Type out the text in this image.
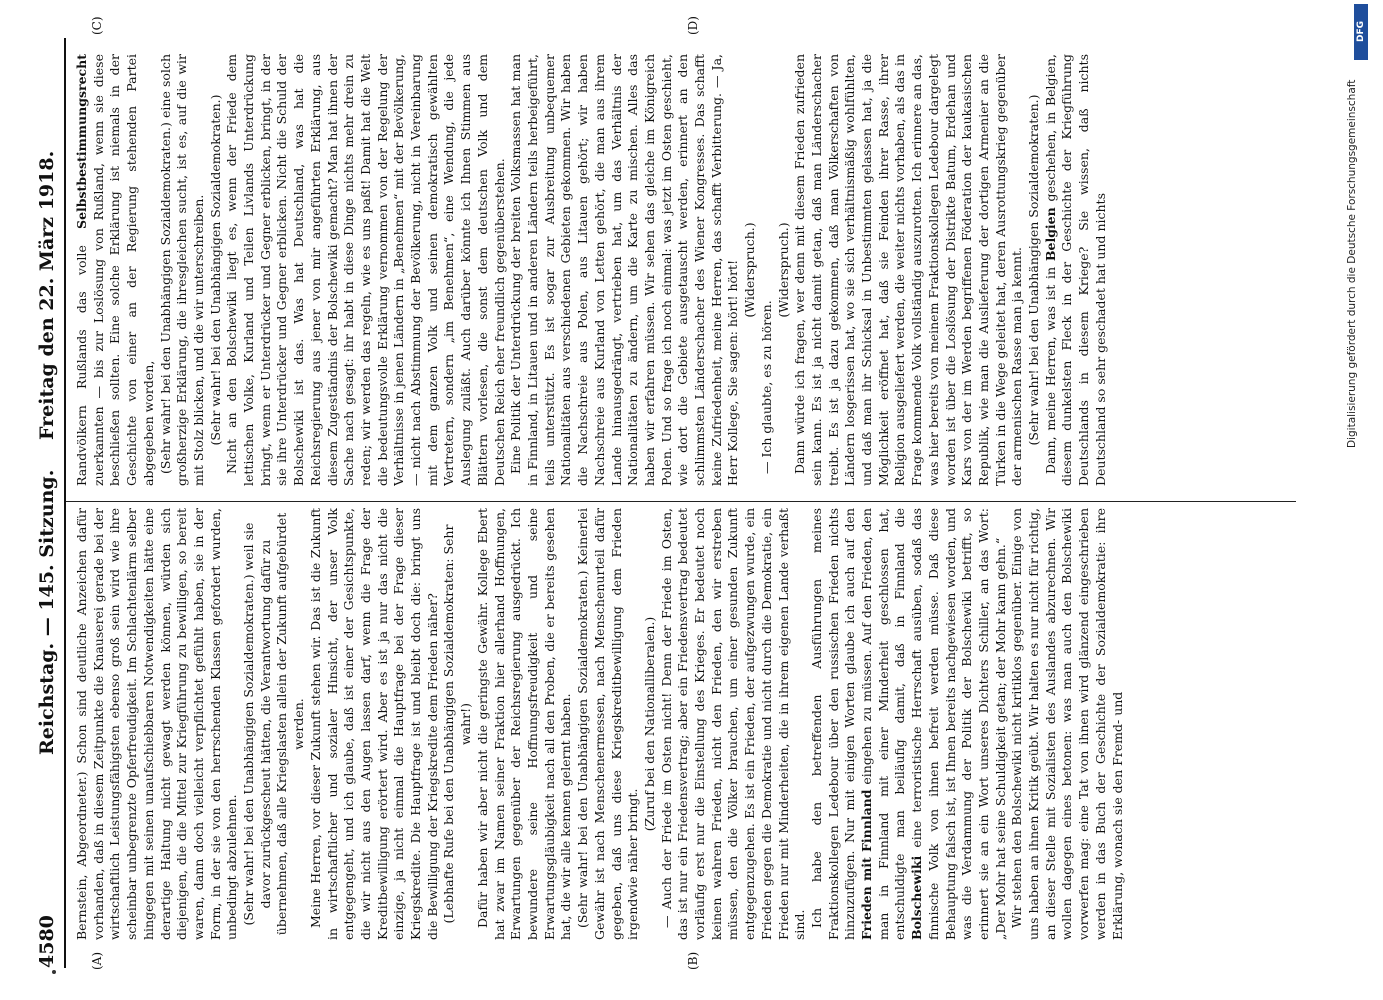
4580
Reichstag. — 145. Sitzung.
Freitag den 22. März 1918.
(A)	(B)
(C)	(D)

Bernstein, Abgeordneter.) Schon sind deutliche Anzeichen dafür vorhanden, daß in diesem Zeitpunkte die Knauserei gerade bei der wirtschaftlich Leistungsfähigsten ebenso groß sein wird wie ihre scheinbar unbegrenzte Opferfreudigkeit. Im Schlachtenlärm selber hingegen mit seinen unaufschiebbaren Notwendigkeiten hätte eine derartige Haltung nicht gewagt werden können, würden sich diejenigen, die die Mittel zur Kriegführung zu bewilligen, so bereit waren, dann doch vielleicht verpflichtet gefühlt haben, sie in der Form, in der sie von den herrschenden Klassen gefordert wurden, unbedingt abzulehnen. (Sehr wahr! bei den Unabhängigen Sozialdemokraten.) weil sie davor zurückgescheut hätten, die Verantwortung dafür zu übernehmen, daß alle Kriegslasten allein der Zukunft aufgebürdet werden. Meine Herren, vor dieser Zukunft stehen wir. Das ist die Zukunft in wirtschaftlicher und sozialer Hinsicht, der unser Volk entgegengeht, und ich glaube, daß ist einer der Gesichtspunkte, die wir nicht aus den Augen lassen darf, wenn die Frage der Kreditbewilligung erörtert wird. Aber es ist ja nur das nicht die einzige, ja nicht einmal die Hauptfrage bei der Frage dieser Kriegskredite. Die Hauptfrage ist und bleibt doch die: bringt uns die Bewilligung der Kriegskredite dem Frieden näher? (Lebhafte Rufe bei den Unabhängigen Sozialdemokraten: Sehr wahr!) Dafür haben wir aber nicht die geringste Gewähr. Kollege Ebert hat zwar im Namen seiner Fraktion hier allerhand Hoffnungen, Erwartungen gegenüber der Reichsregierung ausgedrückt. Ich bewundere seine Hoffnungsfreudigkeit und seine Erwartungsgläubigkeit nach all den Proben, die er bereits gesehen hat, die wir alle kennen gelernt haben. (Sehr wahr! bei den Unabhängigen Sozialdemokraten.) Keinerlei Gewähr ist nach Menschenermessen, nach Menschenurteil dafür gegeben, daß uns diese Kriegskreditbewilligung dem Frieden irgendwie näher bringt.

(Zuruf bei den Nationalliberalen.) — Auch der Friede im Osten nicht! Denn der Friede im Osten, das ist nur ein Friedensvertrag; aber ein Friedensvertrag bedeutet vorläufig erst nur die Einstellung des Krieges. Er bedeutet noch keinen wahren Frieden, nicht den Frieden, den wir erstreben müssen, den die Völker brauchen, um einer gesunden Zukunft entgegenzugehen. Es ist ein Frieden, der aufgezwungen wurde, ein Frieden gegen die Demokratie und nicht durch die Demokratie, ein Frieden nur mit Minderheiten, die in ihrem eigenen Lande verhaßt sind. Ich habe den betreffenden Ausführungen meines Fraktionskollegen Ledebour über den russischen Frieden nichts hinzuzufügen. Nur mit einigen Worten glaube ich auch auf den Frieden mit Finnland eingehen zu müssen. Auf den Frieden, den man in Finnland mit einer Minderheit geschlossen hat, entschuldigte man beiläufig damit, daß in Finnland die Bolschewiki eine terroristische Herrschaft ausüben, sodaß das finnische Volk von ihnen befreit werden müsse. Daß diese Behauptung falsch ist, ist Ihnen bereits nachgewiesen worden, und was die Verdammung der Politik der Bolschewiki betrifft, so erinnert sie an ein Wort unseres Dichters Schiller, an das Wort: „Der Mohr hat seine Schuldigkeit getan; der Mohr kann gehn.“ Wir stehen den Bolschewiki nicht kritiklos gegenüber. Einige von uns haben an ihnen Kritik geübt. Wir halten es nur nicht für richtig, an dieser Stelle mit Sozialisten des Auslandes abzurechnen. Wir wollen dagegen eines betonen: was man auch den Bolschewiki vorwerfen mag: eine Tat von ihnen wird glänzend eingeschrieben werden in das Buch der Geschichte der Sozialdemokratie: ihre Erklärung, wonach sie den Fremd- und

Randvölkern Rußlands das volle Selbstbestimmungsrecht zuerkannten — bis zur Loslösung von Rußland, wenn sie diese beschließen sollten. Eine solche Erklärung ist niemals in der Geschichte von einer an der Regierung stehenden Partei abgegeben worden, (Sehr wahr! bei den Unabhängigen Sozialdemokraten.) eine solch großherzige Erklärung, die ihresgleichen sucht, ist es, auf die wir mit Stolz blicken, und die wir unterschreiben. (Sehr wahr! bei den Unabhängigen Sozialdemokraten.) Nicht an den Bolschewiki liegt es, wenn der Friede dem lettischen Volke, Kurland und Teilen Livlands Unterdrückung bringt, wenn er Unterdrücker und Gegner erblicken, bringt, in der sie ihre Unterdrücker und Gegner erblicken. Nicht die Schuld der Bolschewiki ist das. Was hat Deutschland, was hat die Reichsregierung aus jener von mir angeführten Erklärung, aus diesem Zugeständnis der Bolschewiki gemacht? Man hat ihnen der Sache nach gesagt: ihr habt in diese Dinge nichts mehr drein zu reden; wir werden das regeln, wie es uns paßt! Damit hat die Welt die bedeutungsvolle Erklärung vernommen von der Regelung der Verhältnisse in jenen Ländern in „Benehmen“ mit der Bevölkerung, — nicht nach Abstimmung der Bevölkerung, nicht in Vereinbarung mit dem ganzen Volk und seinen demokratisch gewählten Vertretern, sondern „im Benehmen“, eine Wendung, die jede Auslegung zuläßt. Auch darüber könnte ich Ihnen Stimmen aus Blättern vorlesen, die sonst dem deutschen Volk und dem Deutschen Reich eher freundlich gegenüberstehen. Eine Politik der Unterdrückung der breiten Volksmassen hat man in Finnland, in Litauen und in anderen Ländern teils herbeigeführt, teils unterstützt. Es ist sogar zur Ausbreitung unbequemer Nationalitäten aus verschiedenen Gebieten gekommen. Wir haben die Nachschreie aus Polen, aus Litauen gehört; wir haben Nachschreie aus Kurland von Letten gehört, die man aus ihrem Lande hinausgedrängt, vertrieben hat, um das Verhältnis der Nationalitäten zu ändern, um die Karte zu mischen. Alles das haben wir erfahren müssen. Wir sehen das gleiche im Königreich Polen. Und so frage ich noch einmal: was jetzt im Osten geschieht, wie dort die Gebiete ausgetauscht werden, erinnert an den schlimmsten Länderschacher des Wiener Kongresses. Das schafft keine Zufriedenheit, meine Herren, das schafft Verbitterung. — Ja, Herr Kollege, Sie sagen: hört! hört! (Widerspruch.)

— Ich glaubte, es zu hören.

(Widerspruch.) Dann würde ich fragen, wer denn mit diesem Frieden zufrieden sein kann. Es ist ja nicht damit getan, daß man Länderschacher treibt. Es ist ja dazu gekommen, daß man Völkerschaften von Ländern losgerissen hat, wo sie sich verhältnismäßig wohlfühlten, und daß man ihr Schicksal in Unbestimmten gelassen hat, ja die Möglichkeit eröffnet hat, daß sie Feinden ihrer Rasse, ihrer Religion ausgeliefert werden, die weiter nichts vorhaben, als das in Frage kommende Volk vollständig auszurotten. Ich erinnere an das, was hier bereits von meinem Fraktionskollegen Ledebour dargelegt worden ist über die Loslösung der Distrikte Batum, Erdehan und Kars von der im Werden begriffenen Föderation der kaukasischen Republik, wie man die Auslieferung der dortigen Armenier an die Türken in die Wege geleitet hat, deren Ausrottungskrieg gegenüber der armenischen Rasse man ja kennt. (Sehr wahr! bei den Unabhängigen Sozialdemokraten.) Dann, meine Herren, was ist in Belgien geschehen, in Belgien, diesem dunkelsten Fleck in der Geschichte der Kriegführung Deutschlands in diesem Kriege? Sie wissen, daß nichts Deutschland so sehr geschadet hat und nichts

DFG
Digitalisierung gefördert durch die Deutsche Forschungsgemeinschaft
